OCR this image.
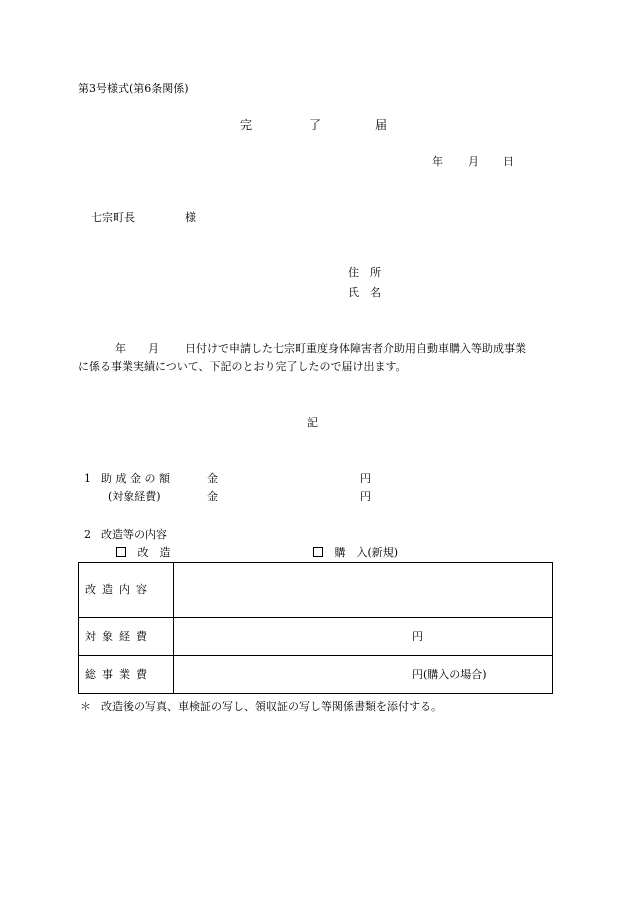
第3号様式(第6条関係)
完	了	届
年 月 日
七宗町長	様
住　所
氏　名
年 月 日付けで申請した七宗町重度身体障害者介助用自動車購入等助成事業
に係る事業実績について、下記のとおり完了したので届け出ます。
記
1 助 成 金 の 額	金	円
(対象経費)	金	円
2 改造等の内容
改　造	購　入(新規)
改造内容	

対象経費	円

総事業費	円(購入の場合)
＊ 改造後の写真、車検証の写し、領収証の写し等関係書類を添付する。
